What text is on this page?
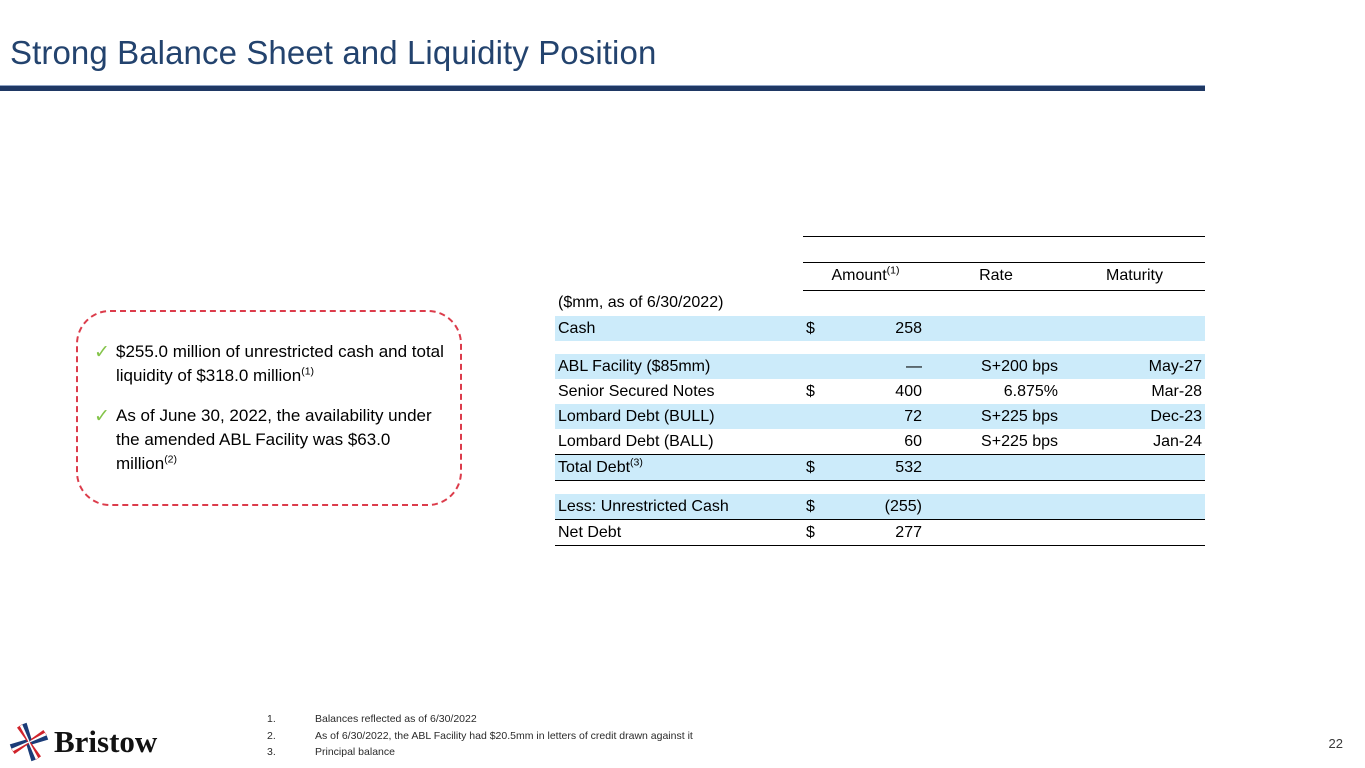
Strong Balance Sheet and Liquidity Position
✓ $255.0 million of unrestricted cash and total liquidity of $318.0 million$^{(1)}$
✓ As of June 30, 2022, the availability under the amended ABL Facility was $63.0 million$^{(2)}$

	Amount$^{(1)}$		Rate	Maturity
($mm, as of 6/30/2022)				
Cash	$	258		

ABL Facility ($85mm)		—	S+200 bps	May-27
Senior Secured Notes	$	400	6.875%	Mar-28
Lombard Debt (BULL)		72	S+225 bps	Dec-23
Lombard Debt (BALL)		60	S+225 bps	Jan-24
Total Debt$^{(3)}$	$	532		

Less: Unrestricted Cash	$	(255)		
Net Debt	$	277		
1.	Balances reflected as of 6/30/2022
2.	As of 6/30/2022, the ABL Facility had $20.5mm in letters of credit drawn against it
3.	Principal balance
Bristow	22
